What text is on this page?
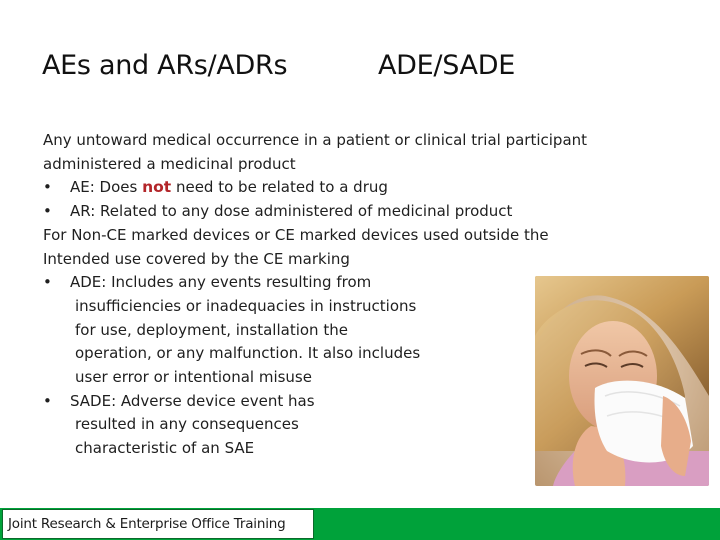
AEs and ARs/ADRs	ADE/SADE
Any untoward medical occurrence in a patient or clinical trial participant
administered a medicinal product
• AE: Does not need to be related to a drug
• AR: Related to any dose administered of medicinal product
For Non-CE marked devices or CE marked devices used outside the
Intended use covered by the CE marking
• ADE: Includes any events resulting from
insufficiencies or inadequacies in instructions
for use, deployment, installation the
operation, or any malfunction. It also includes
user error or intentional misuse
• SADE: Adverse device event has
resulted in any consequences
characteristic of an SAE
Joint Research & Enterprise Office Training
